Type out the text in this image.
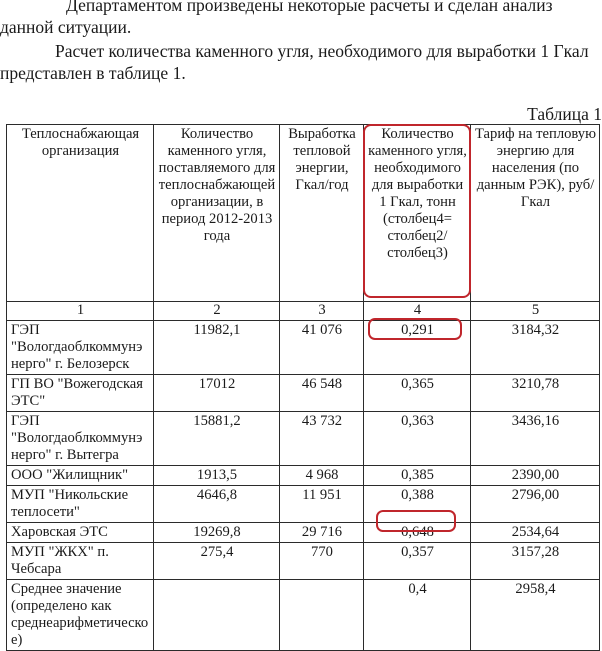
Департаментом произведены некоторые расчеты и сделан анализ данной ситуации.

Расчет количества каменного угля, необходимого для выработки 1 Гкал представлен в таблице 1.

Таблица 1
Теплоснабжающая организация	Количество каменного угля, поставляемого для теплоснабжающей организации, в период 2012-2013 года	Выработка тепловой энергии, Гкал/год	Количество каменного угля, необходимого для выработки 1 Гкал, тонн (столбец4= столбец2/ столбец3)	Тариф на тепловую энергию для населения (по данным РЭК), руб/Гкал
1	2	3	4	5
ГЭП "Вологдаоблкоммунэнерго" г. Белозерск	11982,1	41 076	0,291	3184,32
ГП ВО "Вожегодская ЭТС"	17012	46 548	0,365	3210,78
ГЭП "Вологдаоблкоммунэнерго" г. Вытегра	15881,2	43 732	0,363	3436,16
ООО "Жилищник"	1913,5	4 968	0,385	2390,00
МУП "Никольские теплосети"	4646,8	11 951	0,388	2796,00
Харовская ЭТС	19269,8	29 716	0,648	2534,64
МУП "ЖКХ" п. Чебсара	275,4	770	0,357	3157,28
Среднее значение (определено как среднеарифметическое)			0,4	2958,4
